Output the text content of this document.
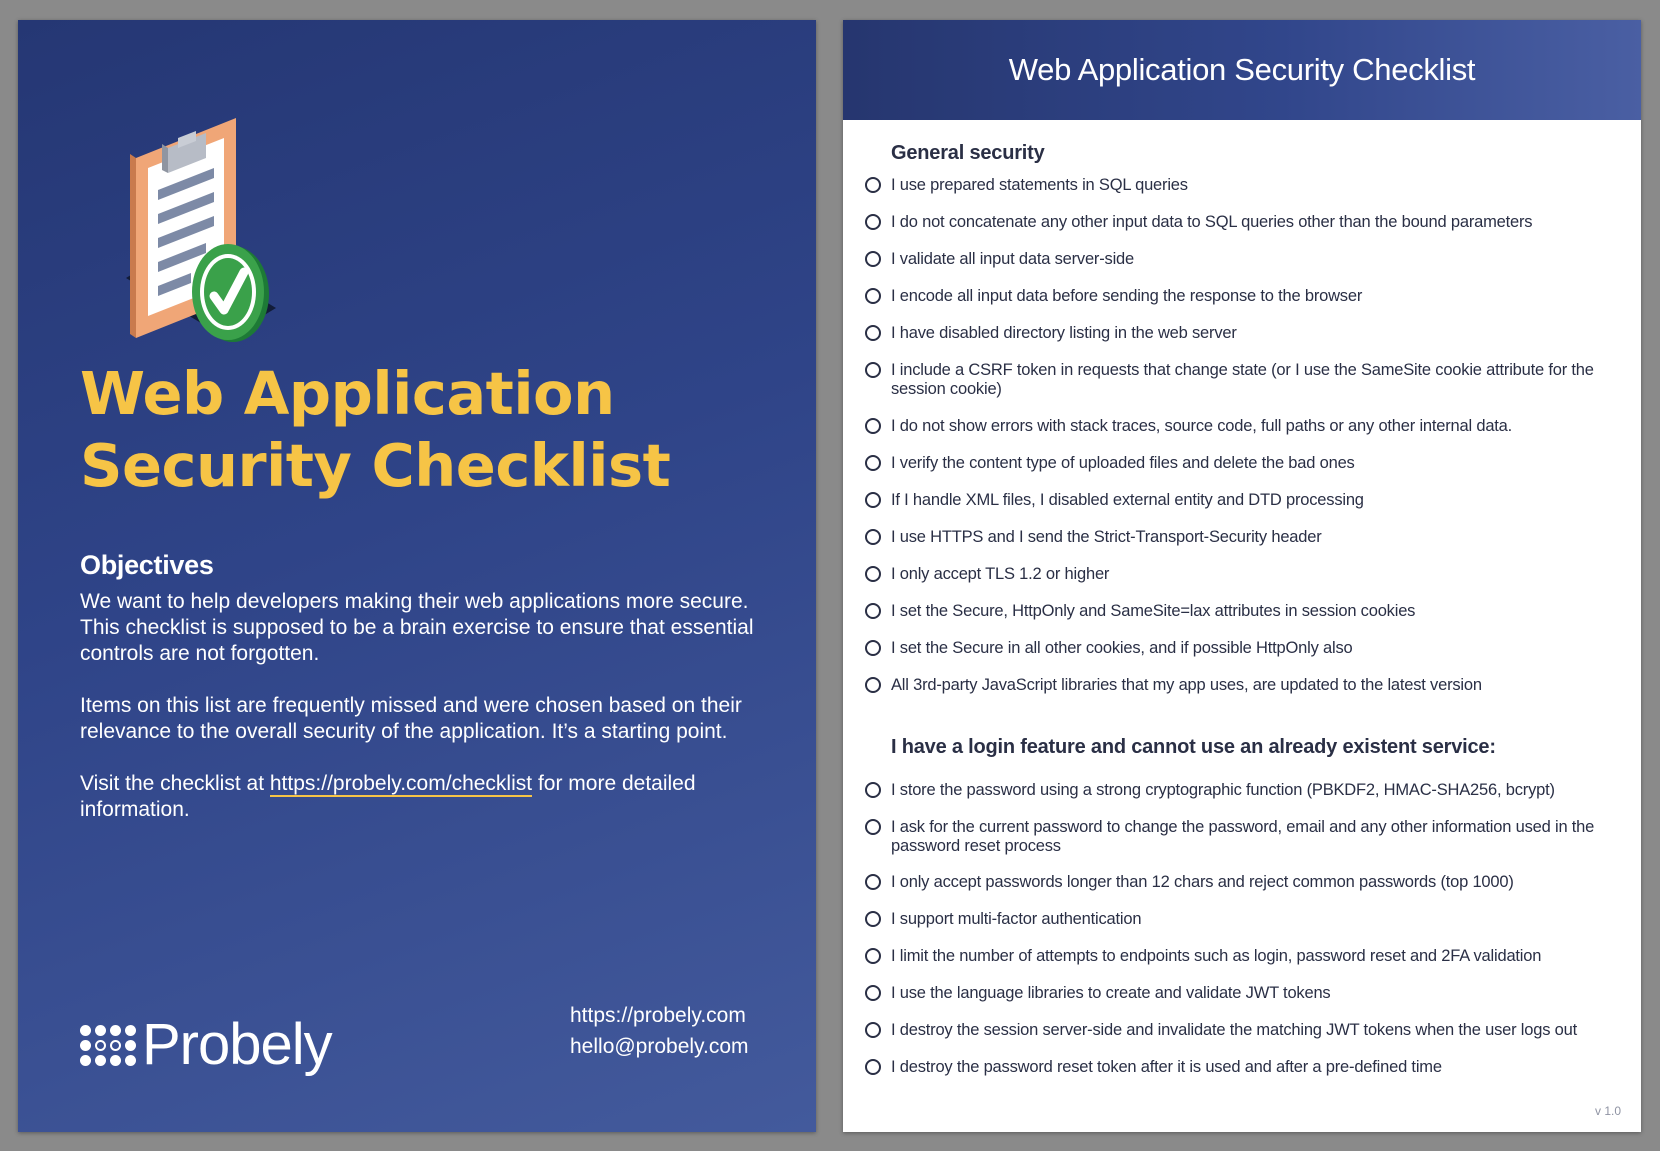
Web Application
Security Checklist
Objectives

We want to help developers making their web applications more secure. This checklist is supposed to be a brain exercise to ensure that essential controls are not forgotten.

Items on this list are frequently missed and were chosen based on their relevance to the overall security of the application. It’s a starting point.

Visit the checklist at https://probely.com/checklist for more detailed information.

Probely	https://probely.com
hello@probely.com
Web Application Security Checklist
General security
I use prepared statements in SQL queries
I do not concatenate any other input data to SQL queries other than the bound parameters
I validate all input data server-side
I encode all input data before sending the response to the browser
I have disabled directory listing in the web server
I include a CSRF token in requests that change state (or I use the SameSite cookie attribute for the session cookie)
I do not show errors with stack traces, source code, full paths or any other internal data.
I verify the content type of uploaded files and delete the bad ones
If I handle XML files, I disabled external entity and DTD processing
I use HTTPS and I send the Strict-Transport-Security header
I only accept TLS 1.2 or higher
I set the Secure, HttpOnly and SameSite=lax attributes in session cookies
I set the Secure in all other cookies, and if possible HttpOnly also
All 3rd-party JavaScript libraries that my app uses, are updated to the latest version
I have a login feature and cannot use an already existent service:
I store the password using a strong cryptographic function (PBKDF2, HMAC-SHA256, bcrypt)
I ask for the current password to change the password, email and any other information used in the password reset process
I only accept passwords longer than 12 chars and reject common passwords (top 1000)
I support multi-factor authentication
I limit the number of attempts to endpoints such as login, password reset and 2FA validation
I use the language libraries to create and validate JWT tokens
I destroy the session server-side and invalidate the matching JWT tokens when the user logs out
I destroy the password reset token after it is used and after a pre-defined time
v 1.0
